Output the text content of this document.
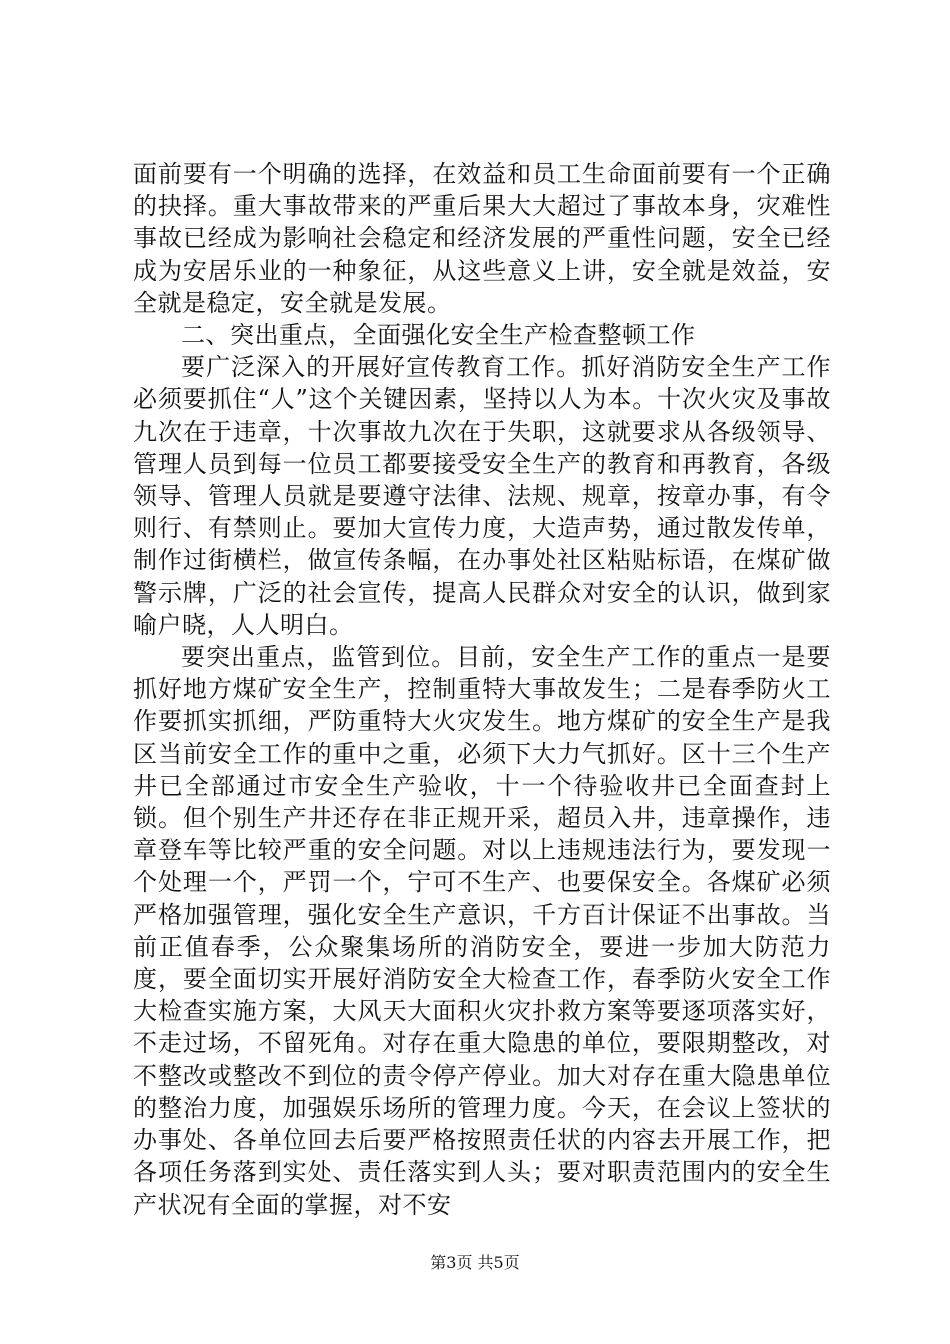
面前要有一个明确的选择，在效益和员工生命面前要有一个正确的抉择。重大事故带来的严重后果大大超过了事故本身，灾难性事故已经成为影响社会稳定和经济发展的严重性问题，安全已经成为安居乐业的一种象征，从这些意义上讲，安全就是效益，安全就是稳定，安全就是发展。

二、突出重点，全面强化安全生产检查整顿工作

要广泛深入的开展好宣传教育工作。抓好消防安全生产工作必须要抓住“人”这个关键因素，坚持以人为本。十次火灾及事故九次在于违章，十次事故九次在于失职，这就要求从各级领导、管理人员到每一位员工都要接受安全生产的教育和再教育，各级领导、管理人员就是要遵守法律、法规、规章，按章办事，有令则行、有禁则止。要加大宣传力度，大造声势，通过散发传单，制作过街横栏，做宣传条幅，在办事处社区粘贴标语，在煤矿做警示牌，广泛的社会宣传，提高人民群众对安全的认识，做到家喻户晓，人人明白。

要突出重点，监管到位。目前，安全生产工作的重点一是要抓好地方煤矿安全生产，控制重特大事故发生；二是春季防火工作要抓实抓细，严防重特大火灾发生。地方煤矿的安全生产是我区当前安全工作的重中之重，必须下大力气抓好。区十三个生产井已全部通过市安全生产验收，十一个待验收井已全面查封上锁。但个别生产井还存在非正规开采，超员入井，违章操作，违章登车等比较严重的安全问题。对以上违规违法行为，要发现一个处理一个，严罚一个，宁可不生产、也要保安全。各煤矿必须严格加强管理，强化安全生产意识，千方百计保证不出事故。当前正值春季，公众聚集场所的消防安全，要进一步加大防范力度，要全面切实开展好消防安全大检查工作，春季防火安全工作大检查实施方案，大风天大面积火灾扑救方案等要逐项落实好，不走过场，不留死角。对存在重大隐患的单位，要限期整改，对不整改或整改不到位的责令停产停业。加大对存在重大隐患单位的整治力度，加强娱乐场所的管理力度。今天，在会议上签状的办事处、各单位回去后要严格按照责任状的内容去开展工作，把各项任务落到实处、责任落实到人头；要对职责范围内的安全生产状况有全面的掌握，对不安

第3页 共5页
